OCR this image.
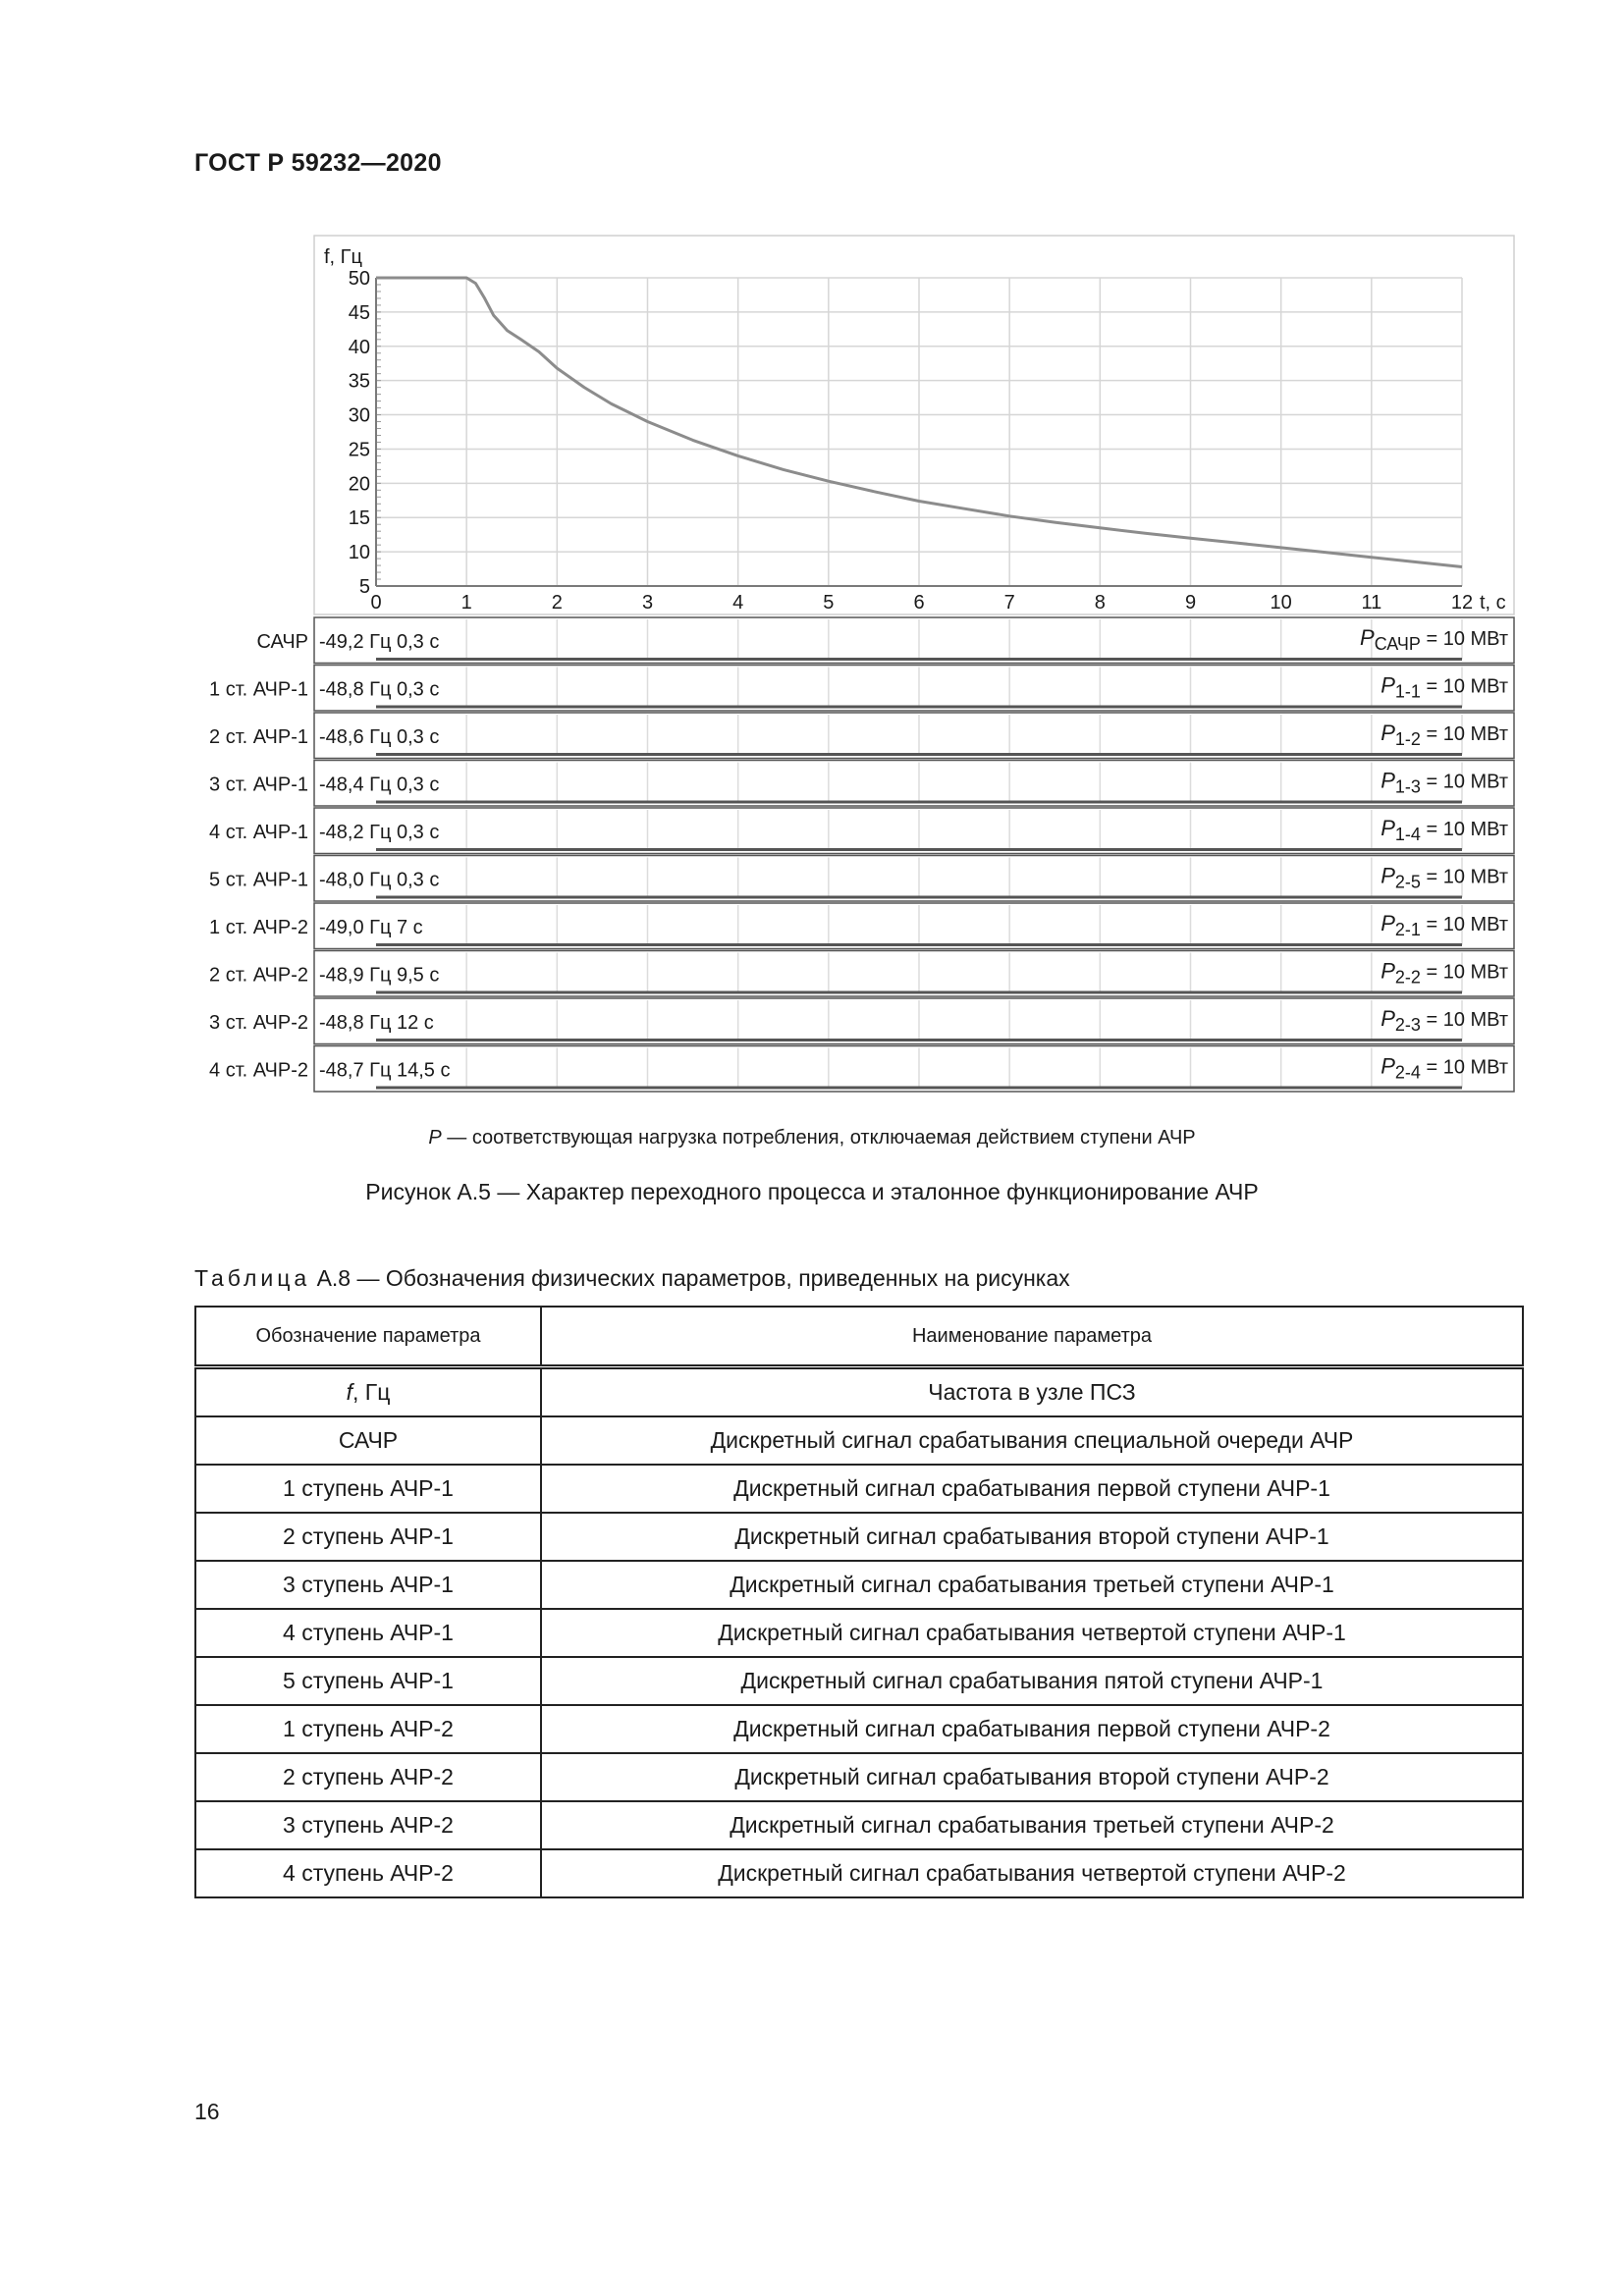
ГОСТ Р 59232—2020
5
10
15
20
25
30
35
40
45
50
0	1	2	3	4	5	6	7	8	9	10	11	12
f, Гц
t, с
САЧР -49,2 Гц 0,3 с	PСАЧР = 10 МВт
1 ст. АЧР-1 -48,8 Гц 0,3 с	P1-1 = 10 МВт
2 ст. АЧР-1 -48,6 Гц 0,3 с	P1-2 = 10 МВт
3 ст. АЧР-1 -48,4 Гц 0,3 с	P1-3 = 10 МВт
4 ст. АЧР-1 -48,2 Гц 0,3 с	P1-4 = 10 МВт
5 ст. АЧР-1 -48,0 Гц 0,3 с	P2-5 = 10 МВт
1 ст. АЧР-2 -49,0 Гц 7 с	P2-1 = 10 МВт
2 ст. АЧР-2 -48,9 Гц 9,5 с	P2-2 = 10 МВт
3 ст. АЧР-2 -48,8 Гц 12 с	P2-3 = 10 МВт
4 ст. АЧР-2 -48,7 Гц 14,5 с	P2-4 = 10 МВт
P — соответствующая нагрузка потребления, отключаемая действием ступени АЧР
Рисунок А.5 — Характер переходного процесса и эталонное функционирование АЧР
Таблица А.8 — Обозначения физических параметров, приведенных на рисунках
Обозначение параметра	Наименование параметра
f, Гц	Частота в узле ПСЗ
САЧР	Дискретный сигнал срабатывания специальной очереди АЧР
1 ступень АЧР-1	Дискретный сигнал срабатывания первой ступени АЧР-1
2 ступень АЧР-1	Дискретный сигнал срабатывания второй ступени АЧР-1
3 ступень АЧР-1	Дискретный сигнал срабатывания третьей ступени АЧР-1
4 ступень АЧР-1	Дискретный сигнал срабатывания четвертой ступени АЧР-1
5 ступень АЧР-1	Дискретный сигнал срабатывания пятой ступени АЧР-1
1 ступень АЧР-2	Дискретный сигнал срабатывания первой ступени АЧР-2
2 ступень АЧР-2	Дискретный сигнал срабатывания второй ступени АЧР-2
3 ступень АЧР-2	Дискретный сигнал срабатывания третьей ступени АЧР-2
4 ступень АЧР-2	Дискретный сигнал срабатывания четвертой ступени АЧР-2
16
